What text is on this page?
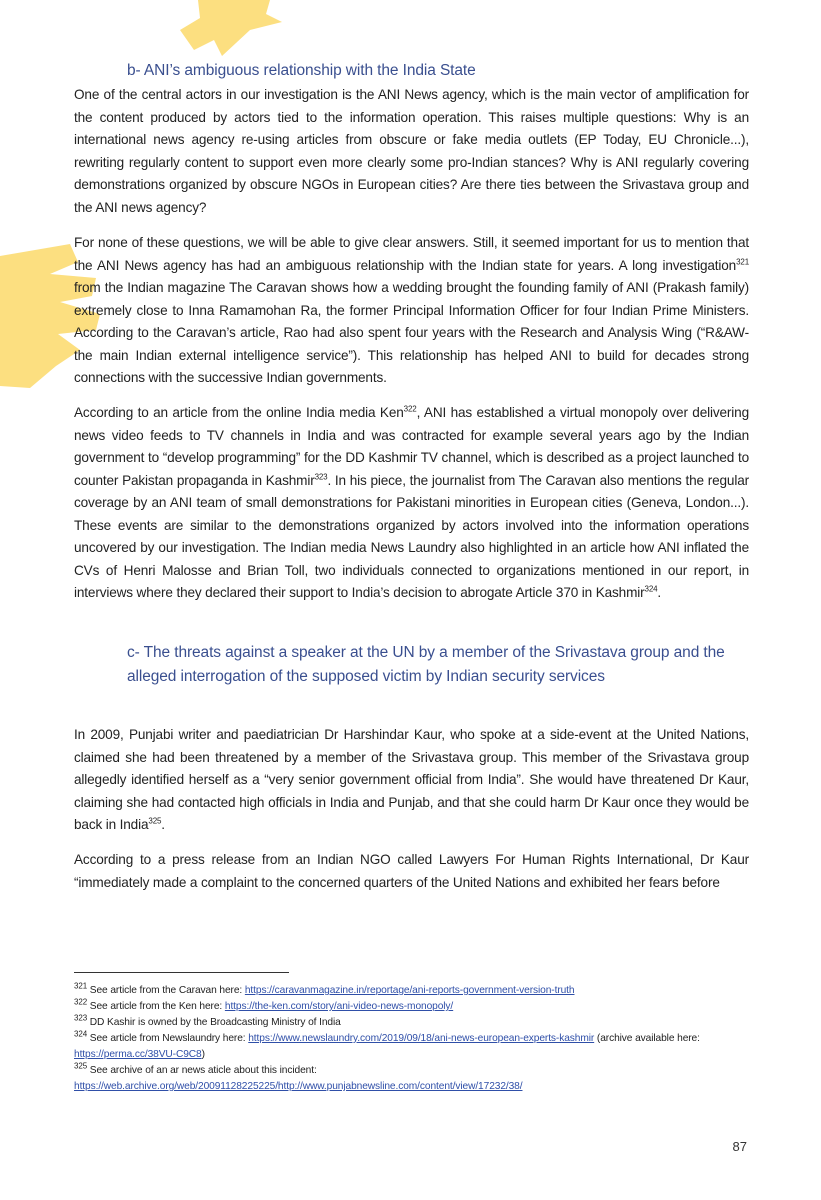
b- ANI’s ambiguous relationship with the India State

One of the central actors in our investigation is the ANI News agency, which is the main vector of amplification for the content produced by actors tied to the information operation. This raises multiple questions: Why is an international news agency re-using articles from obscure or fake media outlets (EP Today, EU Chronicle...), rewriting regularly content to support even more clearly some pro-Indian stances? Why is ANI regularly covering demonstrations organized by obscure NGOs in European cities? Are there ties between the Srivastava group and the ANI news agency?

For none of these questions, we will be able to give clear answers. Still, it seemed important for us to mention that the ANI News agency has had an ambiguous relationship with the Indian state for years. A long investigation$^{321}$ from the Indian magazine The Caravan shows how a wedding brought the founding family of ANI (Prakash family) extremely close to Inna Ramamohan Ra, the former Principal Information Officer for four Indian Prime Ministers. According to the Caravan’s article, Rao had also spent four years with the Research and Analysis Wing (“R&AW- the main Indian external intelligence service”). This relationship has helped ANI to build for decades strong connections with the successive Indian governments.

According to an article from the online India media Ken$^{322}$, ANI has established a virtual monopoly over delivering news video feeds to TV channels in India and was contracted for example several years ago by the Indian government to “develop programming” for the DD Kashmir TV channel, which is described as a project launched to counter Pakistan propaganda in Kashmir$^{323}$. In his piece, the journalist from The Caravan also mentions the regular coverage by an ANI team of small demonstrations for Pakistani minorities in European cities (Geneva, London...). These events are similar to the demonstrations organized by actors involved into the information operations uncovered by our investigation. The Indian media News Laundry also highlighted in an article how ANI inflated the CVs of Henri Malosse and Brian Toll, two individuals connected to organizations mentioned in our report, in interviews where they declared their support to India’s decision to abrogate Article 370 in Kashmir$^{324}$.

c- The threats against a speaker at the UN by a member of the Srivastava group and the
alleged interrogation of the supposed victim by Indian security services

In 2009, Punjabi writer and paediatrician Dr Harshindar Kaur, who spoke at a side-event at the United Nations, claimed she had been threatened by a member of the Srivastava group. This member of the Srivastava group allegedly identified herself as a “very senior government official from India”. She would have threatened Dr Kaur, claiming she had contacted high officials in India and Punjab, and that she could harm Dr Kaur once they would be back in India$^{325}$.

According to a press release from an Indian NGO called Lawyers For Human Rights International, Dr Kaur “immediately made a complaint to the concerned quarters of the United Nations and exhibited her fears before

$^{321}$ See article from the Caravan here: https://caravanmagazine.in/reportage/ani-reports-government-version-truth
$^{322}$ See article from the Ken here: https://the-ken.com/story/ani-video-news-monopoly/
$^{323}$ DD Kashir is owned by the Broadcasting Ministry of India
$^{324}$ See article from Newslaundry here: https://www.newslaundry.com/2019/09/18/ani-news-european-experts-kashmir (archive available here: https://perma.cc/38VU-C9C8)
$^{325}$ See archive of an ar news aticle about this incident:
https://web.archive.org/web/20091128225225/http://www.punjabnewsline.com/content/view/17232/38/
87
